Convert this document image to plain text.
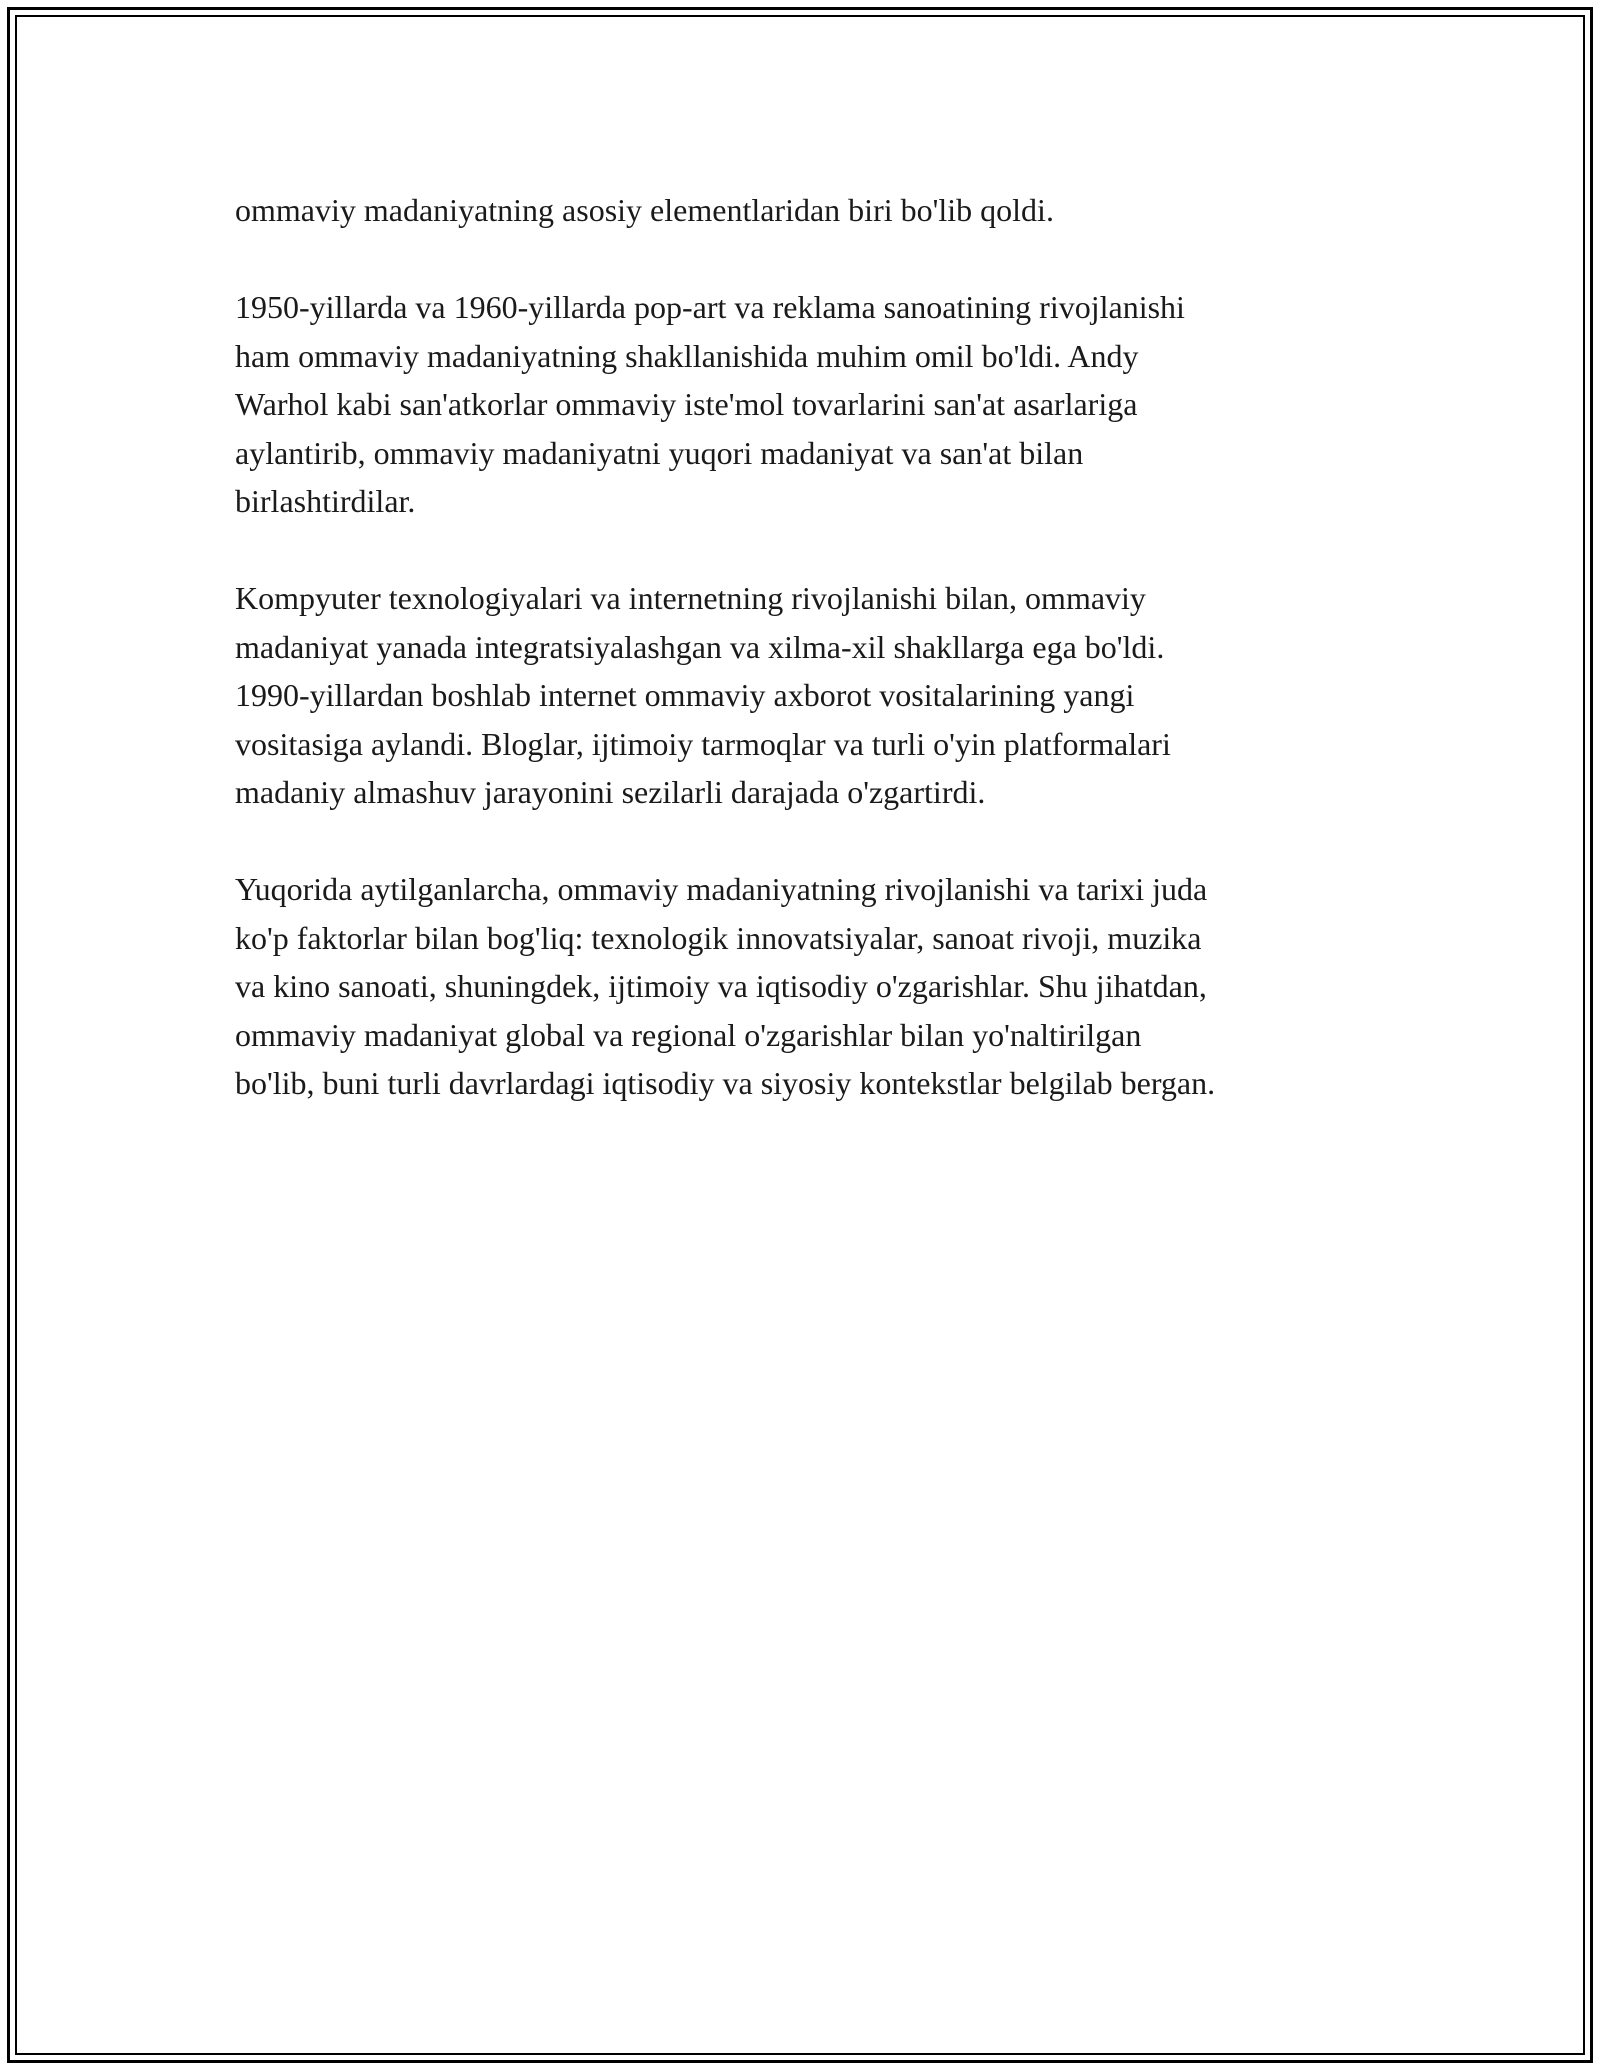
ommaviy madaniyatning asosiy elementlaridan biri bo'lib qoldi.

1950-yillarda va 1960-yillarda pop-art va reklama sanoatining rivojlanishi
ham ommaviy madaniyatning shakllanishida muhim omil bo'ldi. Andy
Warhol kabi san'atkorlar ommaviy iste'mol tovarlarini san'at asarlariga
aylantirib, ommaviy madaniyatni yuqori madaniyat va san'at bilan
birlashtirdilar.

Kompyuter texnologiyalari va internetning rivojlanishi bilan, ommaviy
madaniyat yanada integratsiyalashgan va xilma-xil shakllarga ega bo'ldi.
1990-yillardan boshlab internet ommaviy axborot vositalarining yangi
vositasiga aylandi. Bloglar, ijtimoiy tarmoqlar va turli o'yin platformalari
madaniy almashuv jarayonini sezilarli darajada o'zgartirdi.

Yuqorida aytilganlarcha, ommaviy madaniyatning rivojlanishi va tarixi juda
ko'p faktorlar bilan bog'liq: texnologik innovatsiyalar, sanoat rivoji, muzika
va kino sanoati, shuningdek, ijtimoiy va iqtisodiy o'zgarishlar. Shu jihatdan,
ommaviy madaniyat global va regional o'zgarishlar bilan yo'naltirilgan
bo'lib, buni turli davrlardagi iqtisodiy va siyosiy kontekstlar belgilab bergan.
